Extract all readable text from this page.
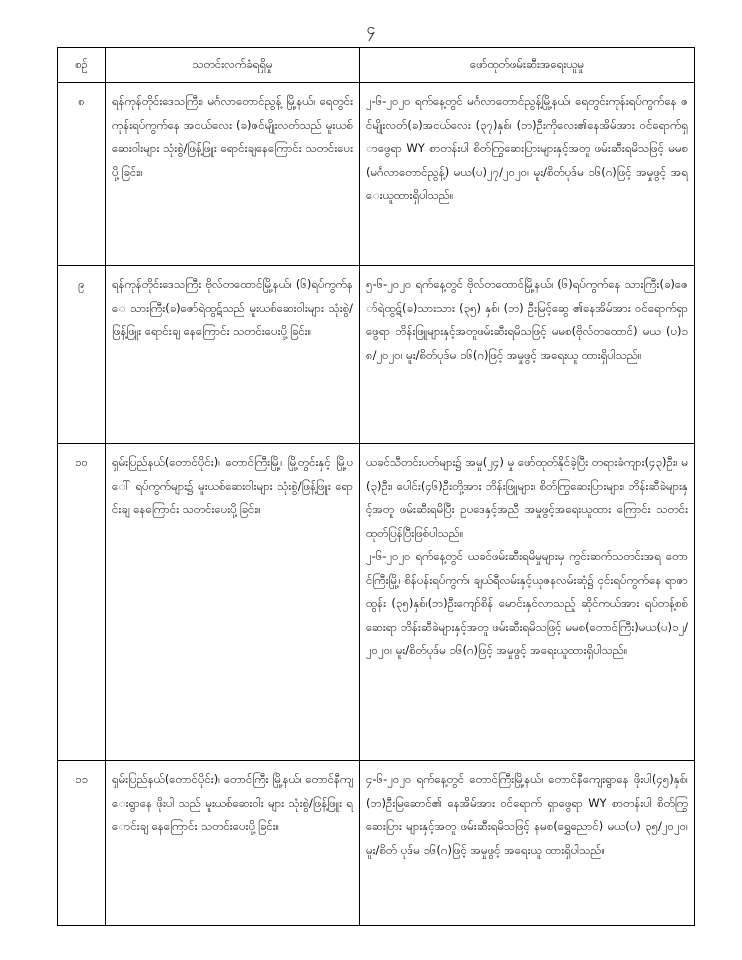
၄
စဉ်	သတင်းလက်ခံရရှိမှု	ဖော်ထုတ်ဖမ်းဆီးအရေးယူမှု
၈	ရန်ကုန်တိုင်းဒေသကြီး၊ မင်္ဂလာတောင်ညွန့် မြို့နယ်၊ ရေတွင်းကုန်းရပ်ကွက်နေ အငယ်လေး (ခ)ဇင်မျိုးလတ်သည် မူးယစ်ဆေးဝါးများ သုံးစွဲ/ဖြန့်ဖြူး ရောင်းချနေကြောင်း သတင်းပေး ပို့ခြင်း။	၂-၆-၂၀၂၀ ရက်နေ့တွင် မင်္ဂလာတောင်ညွန့်မြို့နယ်၊ ရေတွင်းကုန်းရပ်ကွက်နေ ဇင်မျိုးလတ်(ခ)အငယ်လေး (၃၇)နှစ်၊ (ဘ)ဦးကိုလေး၏နေအိမ်အား ဝင်ရောက်ရှာဖွေရာ WY စာတန်းပါ စိတ်ကြွဆေးပြားများနှင့်အတူ ဖမ်းဆီးရမိသဖြင့် မမစ(မင်္ဂလာတောင်ညွန့်) မယ(ပ)၂၇/၂၀၂၀၊ မူး/စိတ်ပုဒ်မ ၁၆(ဂ)ဖြင့် အမှုဖွင့် အရေးယူထားရှိပါသည်။
၉	ရန်ကုန်တိုင်းဒေသကြီး ဗိုလ်တထောင်မြို့နယ်၊ (၆)ရပ်ကွက်နေ သားကြီး(ခ)ဇော်ရဲထွဋ်သည် မူးယစ်ဆေးဝါးများ သုံးစွဲ/ဖြန့်ဖြူး ရောင်းချ နေကြောင်း သတင်းပေးပို့ခြင်း။	၅-၆-၂၀၂၀ ရက်နေ့တွင် ဗိုလ်တထောင်မြို့နယ်၊ (၆)ရပ်ကွက်နေ သားကြီး(ခ)ဇော်ရဲထွဋ်(ခ)သားသား (၃၅) နှစ်၊ (ဘ) ဦးမြင့်ဆွေ ၏နေအိမ်အား ဝင်ရောက်ရှာဖွေရာ ဘိန်းဖြူများနှင့်အတူဖမ်းဆီးရမိသဖြင့် မမစ(ဗိုလ်တထောင်) မယ (ပ)၁၈/၂၀၂၀၊ မူး/စိတ်ပုဒ်မ ၁၆(ဂ)ဖြင့် အမှုဖွင့် အရေးယူ ထားရှိပါသည်။
၁၀	ရှမ်းပြည်နယ်(တောင်ပိုင်း)၊ တောင်ကြီးမြို့၊ မြို့တွင်းနှင့် မြို့ပေါ် ရပ်ကွက်များ၌ မူးယစ်ဆေးဝါးများ သုံးစွဲ/ဖြန့်ဖြူး ရောင်းချ နေကြောင်း သတင်းပေးပို့ခြင်း။	ယခင်သီတင်းပတ်များ၌ အမှု(၂၄) မှု ဖော်ထုတ်နိုင်ခဲ့ပြီး တရားခံကျား(၄၃)ဦး၊ မ(၃)ဦး၊ ပေါင်း(၄၆)ဦးတို့အား ဘိန်းဖြူများ၊ စိတ်ကြွဆေးပြားများ၊ ဘိန်းဆီခဲများနှင့်အတူ ဖမ်းဆီးရမိပြီး ဥပဒေနှင့်အညီ အမှုဖွင့်အရေးယူထား ကြောင်း သတင်းထုတ်ပြန်ပြီးဖြစ်ပါသည်။
၂-၆-၂၀၂၀ ရက်နေ့တွင် ယခင်ဖမ်းဆီးရမိမှုများမှ ကွင်းဆက်သတင်းအရ တောင်ကြီးမြို့၊ စိန်ပန်းရပ်ကွက်၊ ချယ်ရီလမ်းနှင့်ယုဇနလမ်းဆုံ၌ ငှင်းရပ်ကွက်နေ ရာဇာထွန်း (၃၅)နှစ်၊(ဘ)ဦးကျော်စိန် မောင်းနှင်လာသည့် ဆိုင်ကယ်အား ရပ်တန့်စစ်ဆေးရာ ဘိန်းဆီခဲများနှင့်အတူ ဖမ်းဆီးရမိသဖြင့် မမစ(တောင်ကြီး)မယ(ပ)၁၂/၂၀၂၀၊ မူး/စိတ်ပုဒ်မ ၁၆(ဂ)ဖြင့် အမှုဖွင့် အရေးယူထားရှိပါသည်။

၁၁	ရှမ်းပြည်နယ်(တောင်ပိုင်း)၊ တောင်ကြီး မြို့နယ်၊ တောင်နီကျေးရွာနေ ဖိုးပါ သည် မူးယစ်ဆေးဝါး များ သုံးစွဲ/ဖြန့်ဖြူး ရောင်းချ နေကြောင်း သတင်းပေးပို့ခြင်း။	၄-၆-၂၀၂၀ ရက်နေ့တွင် တောင်ကြီးမြို့နယ်၊ တောင်နီကျေးရွာနေ ဖိုးပါ(၄၅)နှစ်၊ (ဘ)ဦးမြဆောင်၏ နေအိမ်အား ဝင်ရောက် ရှာဖွေရာ WY စာတန်းပါ စိတ်ကြွဆေးပြား များနှင့်အတူ ဖမ်းဆီးရမိသဖြင့် နမစ(ရွှေညောင်) မယ(ပ) ၃၅/၂၀၂၀၊ မူး/စိတ် ပုဒ်မ ၁၆(ဂ)ဖြင့် အမှုဖွင့် အရေးယူ ထားရှိပါသည်။
